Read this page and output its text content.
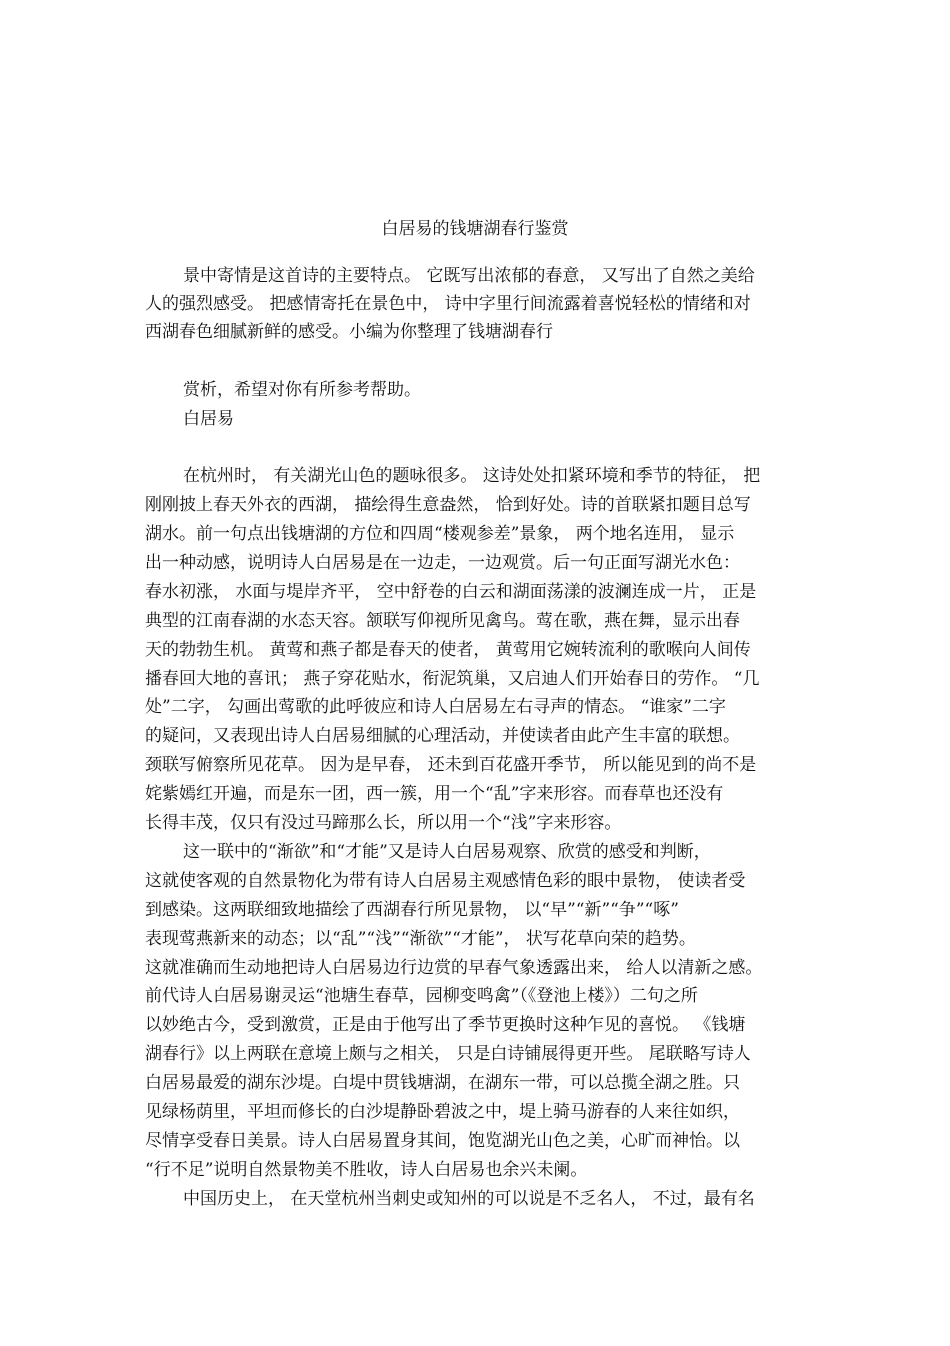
白居易的钱塘湖春行鉴赏
景中寄情是这首诗的主要特点。 它既写出浓郁的春意， 又写出了自然之美给
人的强烈感受。 把感情寄托在景色中， 诗中字里行间流露着喜悦轻松的情绪和对
西湖春色细腻新鲜的感受。小编为你整理了钱塘湖春行
赏析，希望对你有所参考帮助。
白居易
在杭州时， 有关湖光山色的题咏很多。 这诗处处扣紧环境和季节的特征， 把
刚刚披上春天外衣的西湖， 描绘得生意盎然， 恰到好处。诗的首联紧扣题目总写
湖水。前一句点出钱塘湖的方位和四周“楼观参差”景象， 两个地名连用， 显示
出一种动感，说明诗人白居易是在一边走，一边观赏。后一句正面写湖光水色：
春水初涨， 水面与堤岸齐平， 空中舒卷的白云和湖面荡漾的波澜连成一片， 正是
典型的江南春湖的水态天容。颔联写仰视所见禽鸟。莺在歌，燕在舞，显示出春
天的勃勃生机。 黄莺和燕子都是春天的使者， 黄莺用它婉转流利的歌喉向人间传
播春回大地的喜讯； 燕子穿花贴水，衔泥筑巢，又启迪人们开始春日的劳作。 “几
处”二字， 勾画出莺歌的此呼彼应和诗人白居易左右寻声的情态。 “谁家”二字
的疑问，又表现出诗人白居易细腻的心理活动，并使读者由此产生丰富的联想。
颈联写俯察所见花草。 因为是早春， 还未到百花盛开季节， 所以能见到的尚不是
姹紫嫣红开遍，而是东一团，西一簇，用一个“乱”字来形容。而春草也还没有
长得丰茂，仅只有没过马蹄那么长，所以用一个“浅”字来形容。
这一联中的“渐欲”和“才能”又是诗人白居易观察、欣赏的感受和判断，
这就使客观的自然景物化为带有诗人白居易主观感情色彩的眼中景物， 使读者受
到感染。这两联细致地描绘了西湖春行所见景物， 以“早”“新”“争”“啄”
表现莺燕新来的动态；以“乱”“浅”“渐欲”“才能”， 状写花草向荣的趋势。
这就准确而生动地把诗人白居易边行边赏的早春气象透露出来， 给人以清新之感。
前代诗人白居易谢灵运“池塘生春草，园柳变鸣禽”（《登池上楼》）二句之所
以妙绝古今，受到激赏，正是由于他写出了季节更换时这种乍见的喜悦。 《钱塘
湖春行》以上两联在意境上颇与之相关， 只是白诗铺展得更开些。 尾联略写诗人
白居易最爱的湖东沙堤。白堤中贯钱塘湖，在湖东一带，可以总揽全湖之胜。只
见绿杨荫里，平坦而修长的白沙堤静卧碧波之中，堤上骑马游春的人来往如织，
尽情享受春日美景。诗人白居易置身其间，饱览湖光山色之美，心旷而神怡。以
“行不足”说明自然景物美不胜收，诗人白居易也余兴未阑。
中国历史上， 在天堂杭州当刺史或知州的可以说是不乏名人， 不过，最有名
